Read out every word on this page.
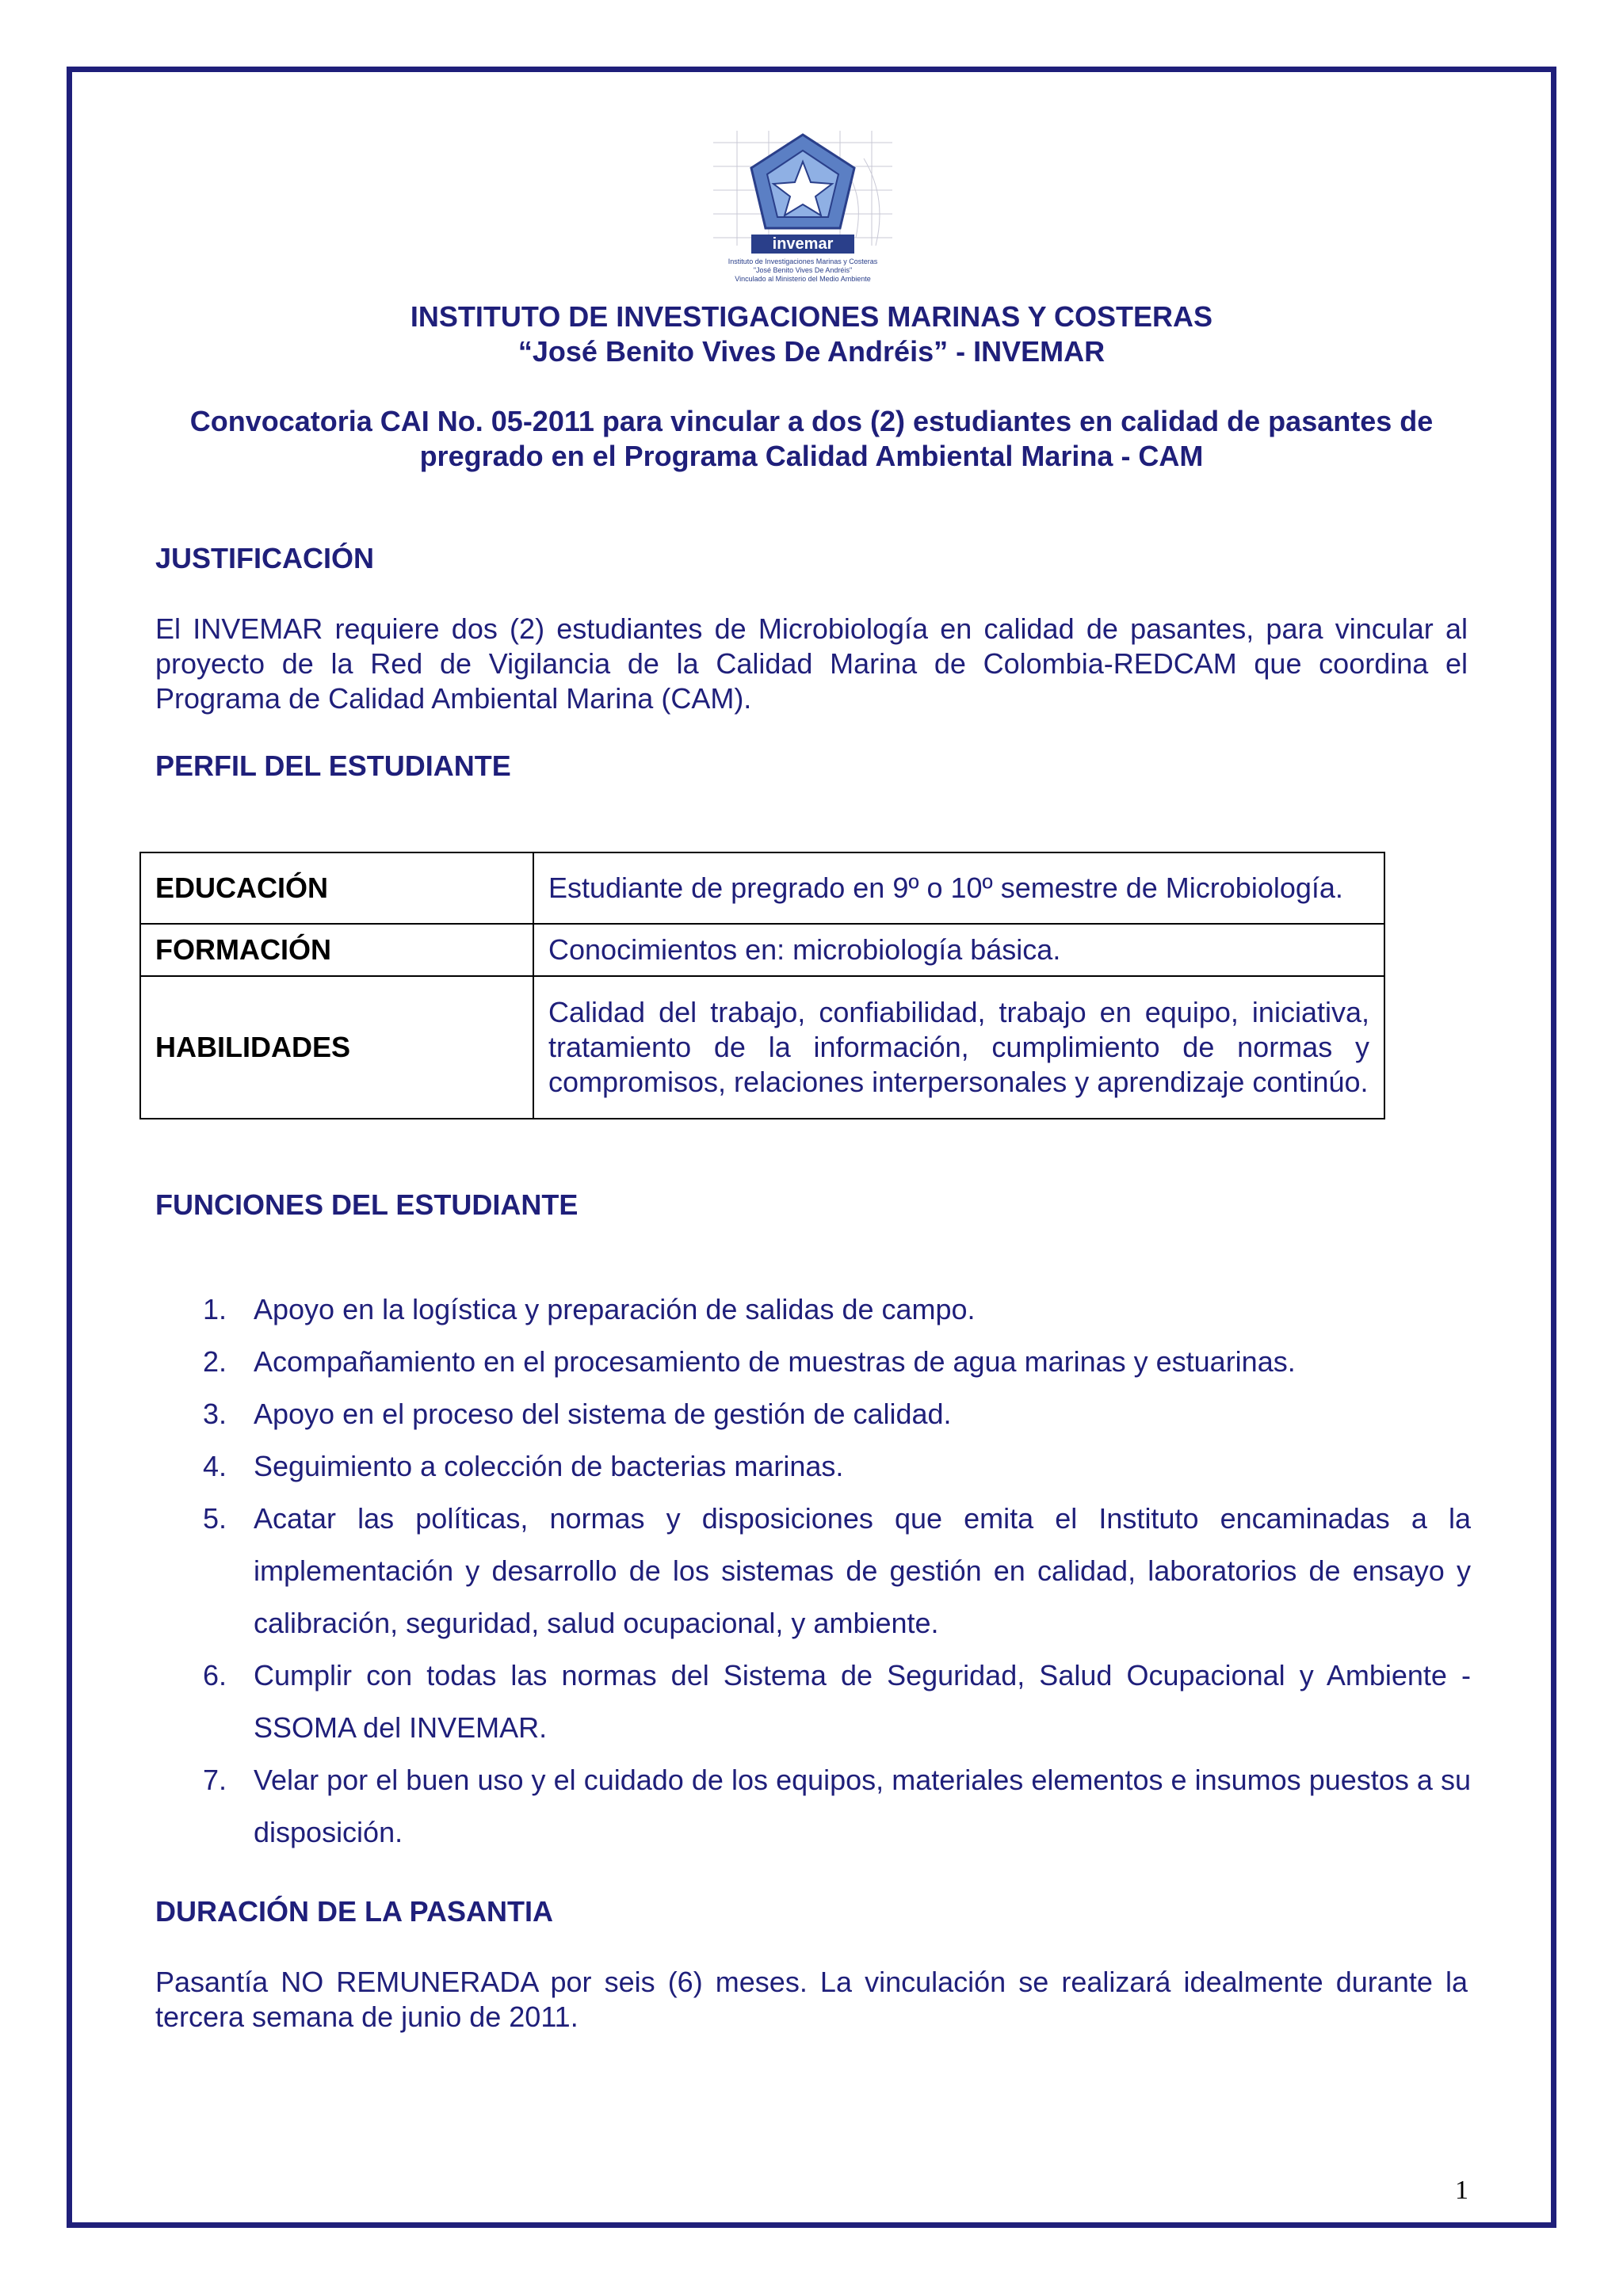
invemar
Instituto de Investigaciones Marinas y Costeras
"José Benito Vives De Andréis"
Vinculado al Ministerio del Medio Ambiente
INSTITUTO DE INVESTIGACIONES MARINAS Y COSTERAS
“José Benito Vives De Andréis” - INVEMAR
Convocatoria CAI No. 05-2011 para vincular a dos (2) estudiantes en calidad de pasantes de
pregrado en el Programa Calidad Ambiental Marina - CAM
JUSTIFICACIÓN
El INVEMAR requiere dos (2) estudiantes de Microbiología en calidad de pasantes, para vincular al proyecto de la Red de Vigilancia de la Calidad Marina de Colombia-REDCAM que coordina el Programa de Calidad Ambiental Marina (CAM).
PERFIL DEL ESTUDIANTE
EDUCACIÓN	Estudiante de pregrado en 9º o 10º semestre de Microbiología.
FORMACIÓN	Conocimientos en: microbiología básica.
HABILIDADES	Calidad del trabajo, confiabilidad, trabajo en equipo, iniciativa, tratamiento de la información, cumplimiento de normas y compromisos, relaciones interpersonales y aprendizaje continúo.
FUNCIONES DEL ESTUDIANTE
1. Apoyo en la logística y preparación de salidas de campo.
2. Acompañamiento en el procesamiento de muestras de agua marinas y estuarinas.
3. Apoyo en el proceso del sistema de gestión de calidad.
4. Seguimiento a colección de bacterias marinas.
5. Acatar las políticas, normas y disposiciones que emita el Instituto encaminadas a la implementación y desarrollo de los sistemas de gestión en calidad, laboratorios de ensayo y calibración, seguridad, salud ocupacional, y ambiente.
6. Cumplir con todas las normas del Sistema de Seguridad, Salud Ocupacional y Ambiente - SSOMA del INVEMAR.
7. Velar por el buen uso y el cuidado de los equipos, materiales elementos e insumos puestos a su disposición.
DURACIÓN DE LA PASANTIA
Pasantía NO REMUNERADA por seis (6) meses. La vinculación se realizará idealmente durante la tercera semana de junio de 2011.
1
